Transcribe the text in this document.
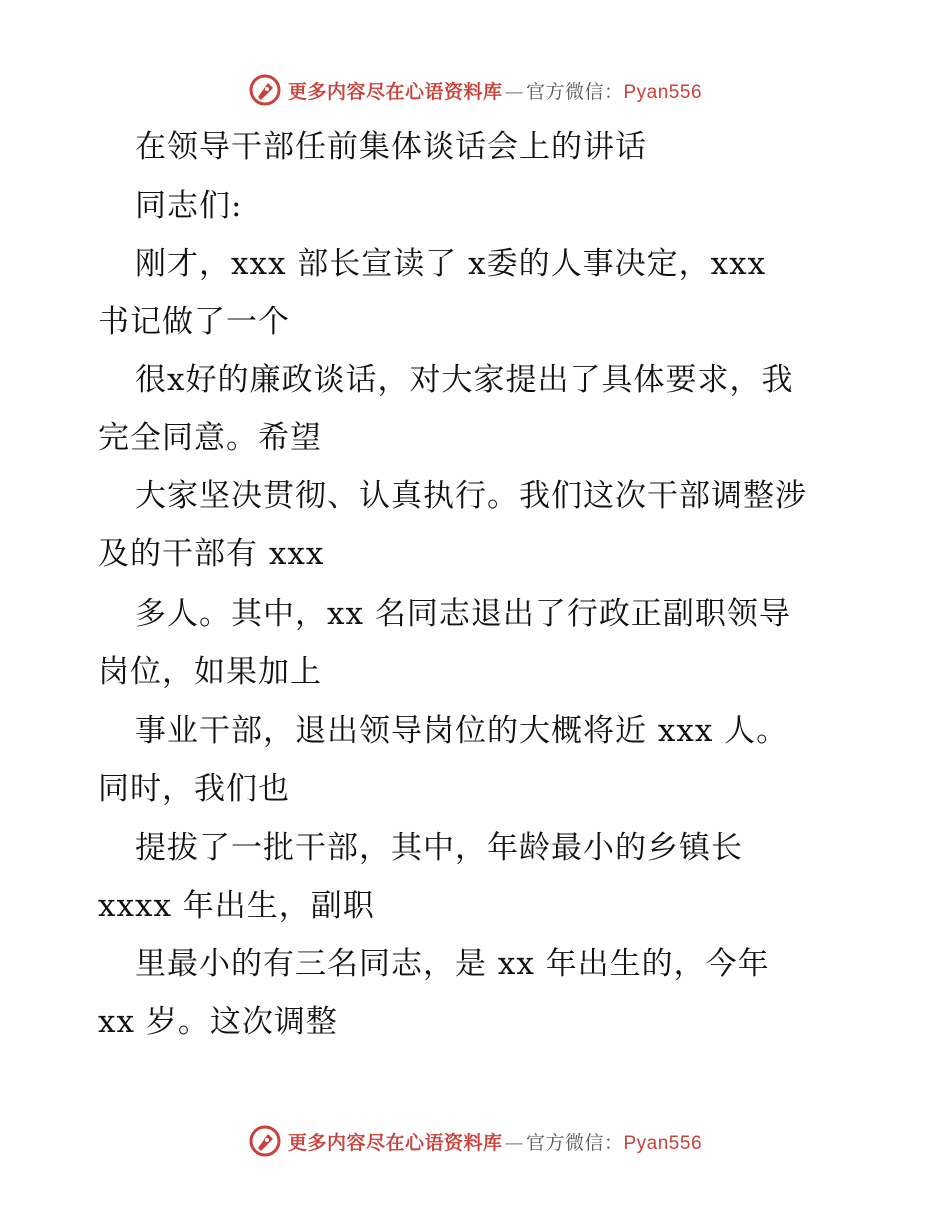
更多内容尽在心语资料库 — 官方微信：Pyan556
在领导干部任前集体谈话会上的讲话
同志们:
刚才，xxx 部长宣读了 x委的人事决定，xxx
书记做了一个
很x好的廉政谈话，对大家提出了具体要求，我
完全同意。希望
大家坚决贯彻、认真执行。我们这次干部调整涉
及的干部有 xxx
多人。其中，xx 名同志退出了行政正副职领导
岗位，如果加上
事业干部，退出领导岗位的大概将近 xxx 人。
同时，我们也
提拔了一批干部，其中，年龄最小的乡镇长
xxxx 年出生，副职
里最小的有三名同志，是 xx 年出生的，今年
xx 岁。这次调整
更多内容尽在心语资料库 — 官方微信：Pyan556
